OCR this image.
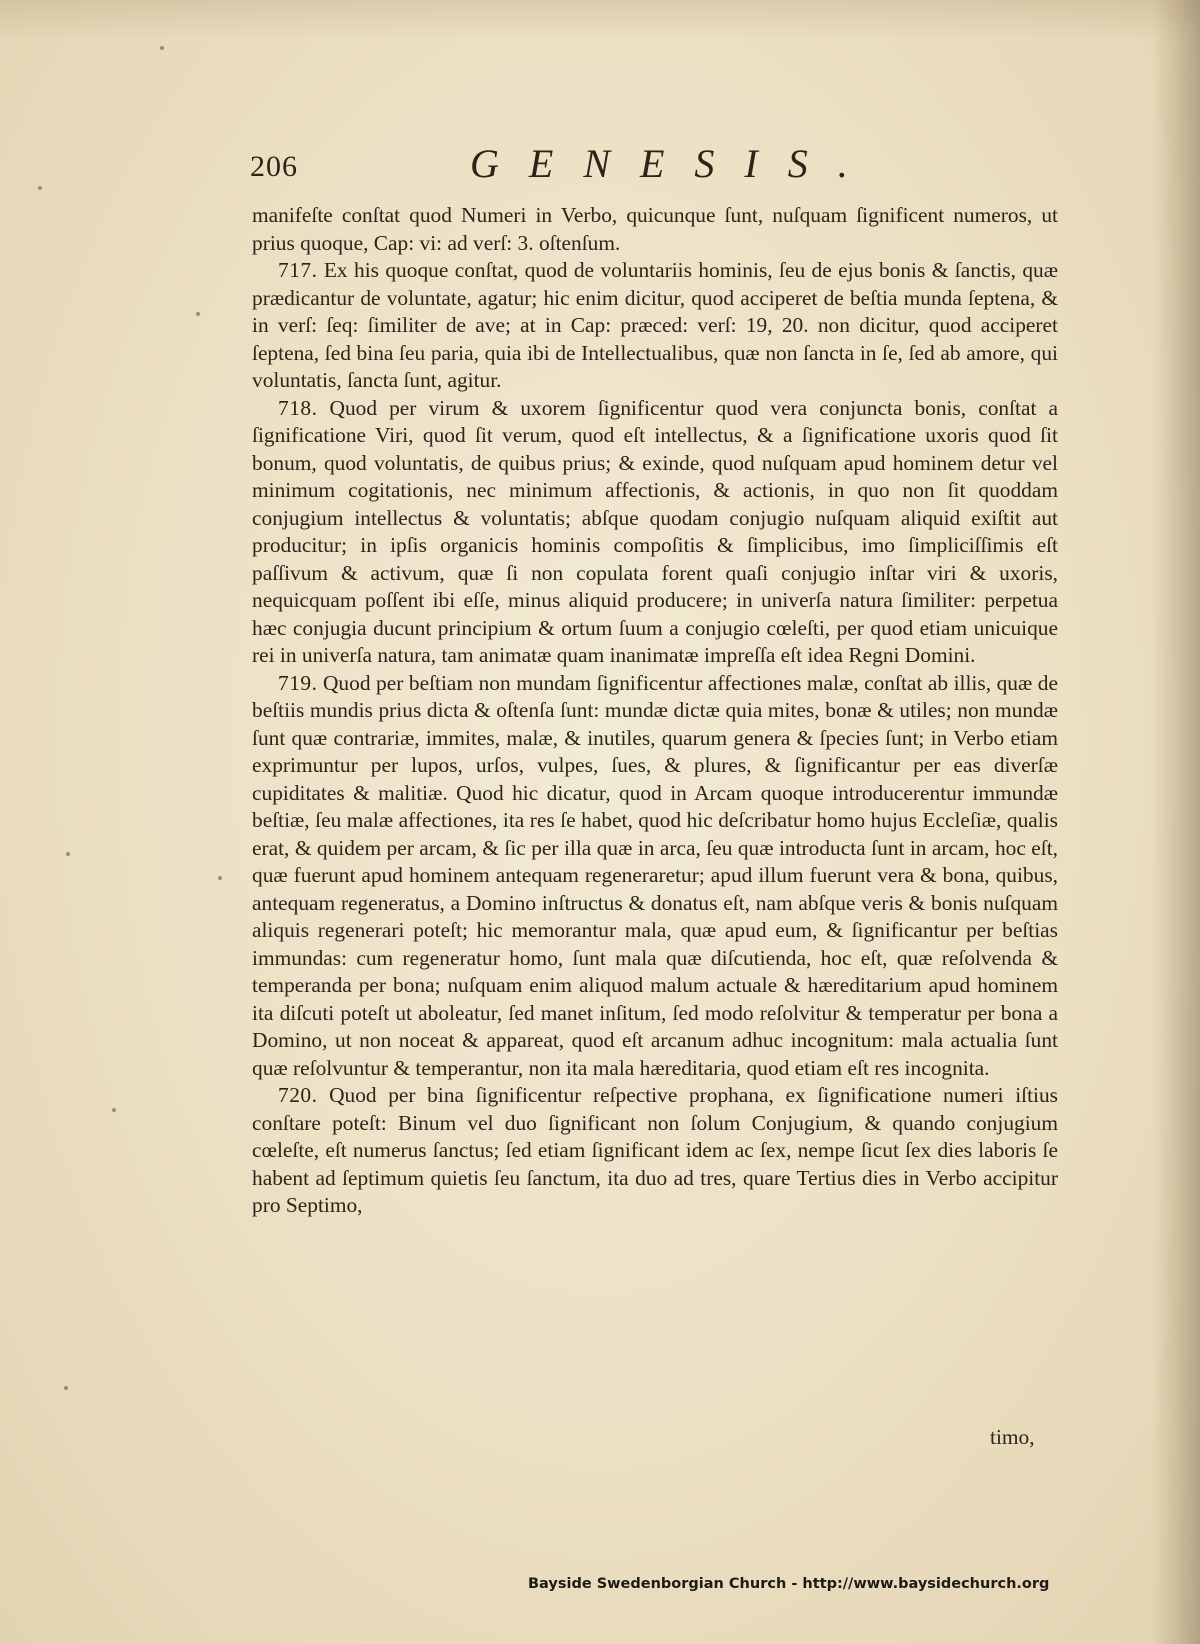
206	GENESIS.

manifeſte conſtat quod Numeri in Verbo, quicunque ſunt, nuſquam ſignificent numeros, ut prius quoque, Cap: vi: ad verſ: 3. oſtenſum.

717. Ex his quoque conſtat, quod de voluntariis hominis, ſeu de ejus bonis & ſanctis, quæ prædicantur de voluntate, agatur; hic enim dicitur, quod acciperet de beſtia munda ſeptena, & in verſ: ſeq: ſimiliter de ave; at in Cap: præced: verſ: 19, 20. non dicitur, quod acciperet ſeptena, ſed bina ſeu paria, quia ibi de Intellectualibus, quæ non ſancta in ſe, ſed ab amore, qui voluntatis, ſancta ſunt, agitur.

718. Quod per virum & uxorem ſignificentur quod vera conjuncta bonis, conſtat a ſignificatione Viri, quod ſit verum, quod eſt intellectus, & a ſignificatione uxoris quod ſit bonum, quod voluntatis, de quibus prius; & exinde, quod nuſquam apud hominem detur vel minimum cogitationis, nec minimum affectionis, & actionis, in quo non ſit quoddam conjugium intellectus & voluntatis; abſque quodam conjugio nuſquam aliquid exiſtit aut producitur; in ipſis organicis hominis compoſitis & ſimplicibus, imo ſimpliciſſimis eſt paſſivum & activum, quæ ſi non copulata forent quaſi conjugio inſtar viri & uxoris, nequicquam poſſent ibi eſſe, minus aliquid producere; in univerſa natura ſimiliter: perpetua hæc conjugia ducunt principium & ortum ſuum a conjugio cœleſti, per quod etiam unicuique rei in univerſa natura, tam animatæ quam inanimatæ impreſſa eſt idea Regni Domini.

719. Quod per beſtiam non mundam ſignificentur affectiones malæ, conſtat ab illis, quæ de beſtiis mundis prius dicta & oſtenſa ſunt: mundæ dictæ quia mites, bonæ & utiles; non mundæ ſunt quæ contrariæ, immites, malæ, & inutiles, quarum genera & ſpecies ſunt; in Verbo etiam exprimuntur per lupos, urſos, vulpes, ſues, & plures, & ſignificantur per eas diverſæ cupiditates & malitiæ. Quod hic dicatur, quod in Arcam quoque introducerentur immundæ beſtiæ, ſeu malæ affectiones, ita res ſe habet, quod hic deſcribatur homo hujus Eccleſiæ, qualis erat, & quidem per arcam, & ſic per illa quæ in arca, ſeu quæ introducta ſunt in arcam, hoc eſt, quæ fuerunt apud hominem antequam regeneraretur; apud illum fuerunt vera & bona, quibus, antequam regeneratus, a Domino inſtructus & donatus eſt, nam abſque veris & bonis nuſquam aliquis regenerari poteſt; hic memorantur mala, quæ apud eum, & ſignificantur per beſtias immundas: cum regeneratur homo, ſunt mala quæ diſcutienda, hoc eſt, quæ reſolvenda & temperanda per bona; nuſquam enim aliquod malum actuale & hæreditarium apud hominem ita diſcuti poteſt ut aboleatur, ſed manet inſitum, ſed modo reſolvitur & temperatur per bona a Domino, ut non noceat & appareat, quod eſt arcanum adhuc incognitum: mala actualia ſunt quæ reſolvuntur & temperantur, non ita mala hæreditaria, quod etiam eſt res incognita.

720. Quod per bina ſignificentur reſpective prophana, ex ſignificatione numeri iſtius conſtare poteſt: Binum vel duo ſignificant non ſolum Conjugium, & quando conjugium cœleſte, eſt numerus ſanctus; ſed etiam ſignificant idem ac ſex, nempe ſicut ſex dies laboris ſe habent ad ſeptimum quietis ſeu ſanctum, ita duo ad tres, quare Tertius dies in Verbo accipitur pro Septimo,

timo,
Bayside Swedenborgian Church - http://www.baysidechurch.org
